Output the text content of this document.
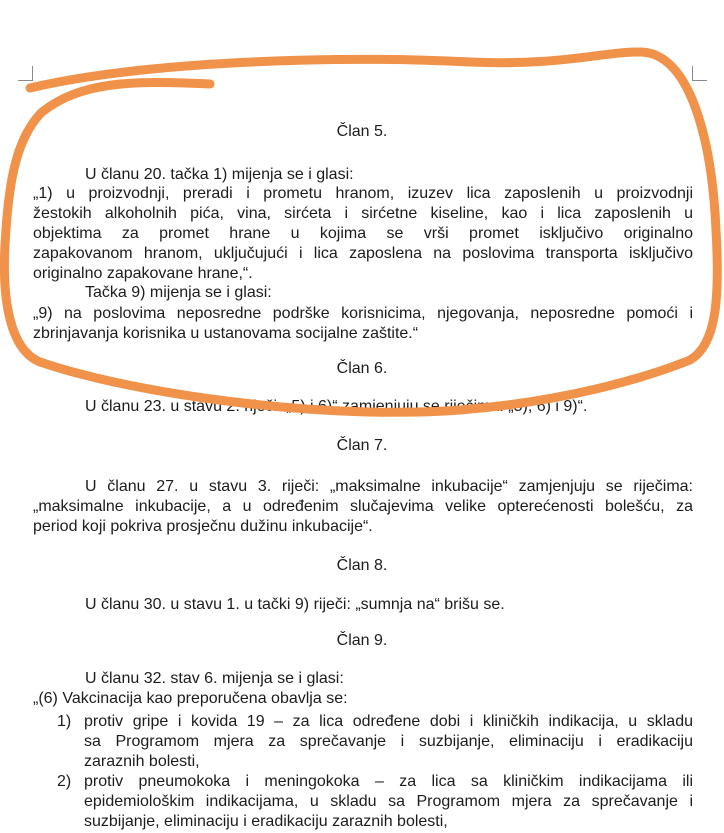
Član 5.
U članu 20. tačka 1) mijenja se i glasi:
„1) u proizvodnji, preradi i prometu hranom, izuzev lica zaposlenih u proizvodnji
žestokih alkoholnih pića, vina, sirćeta i sirćetne kiseline, kao i lica zaposlenih u
objektima za promet hrane u kojima se vrši promet isključivo originalno
zapakovanom hranom, uključujući i lica zaposlena na poslovima transporta isključivo
originalno zapakovane hrane,“.
Tačka 9) mijenja se i glasi:
„9) na poslovima neposredne podrške korisnicima, njegovanja, neposredne pomoći i
zbrinjavanja korisnika u ustanovama socijalne zaštite.“
Član 6.
U članu 23. u stavu 2. riječi: „5) i 6)“ zamjenjuju se riječima: „5), 6) i 9)“.
Član 7.
U članu 27. u stavu 3. riječi: „maksimalne inkubacije“ zamjenjuju se riječima:
„maksimalne inkubacije, a u određenim slučajevima velike opterećenosti bolešću, za
period koji pokriva prosječnu dužinu inkubacije“.
Član 8.
U članu 30. u stavu 1. u tački 9) riječi: „sumnja na“ brišu se.
Član 9.
U članu 32. stav 6. mijenja se i glasi:
„(6) Vakcinacija kao preporučena obavlja se:
1) protiv gripe i kovida 19 – za lica određene dobi i kliničkih indikacija, u skladu
sa Programom mjera za sprečavanje i suzbijanje, eliminaciju i eradikaciju
zaraznih bolesti,
2) protiv pneumokoka i meningokoka – za lica sa kliničkim indikacijama ili
epidemiološkim indikacijama, u skladu sa Programom mjera za sprečavanje i
suzbijanje, eliminaciju i eradikaciju zaraznih bolesti,
